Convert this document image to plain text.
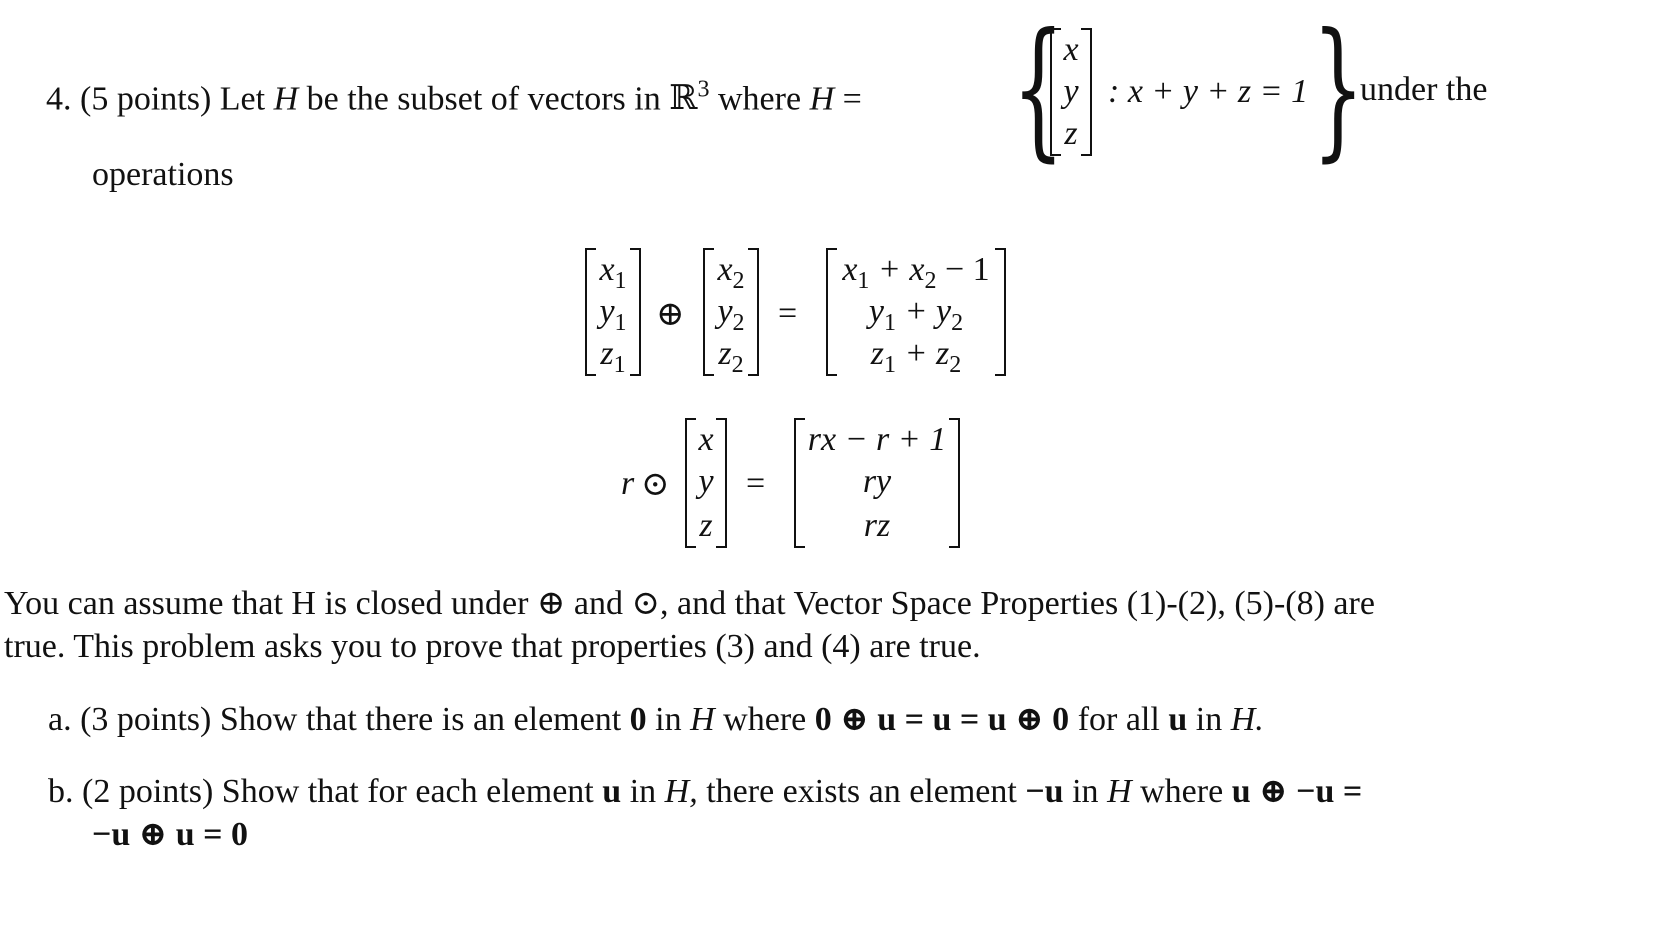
4. (5 points) Let H be the subset of vectors in ℝ$^3$ where H = {
x
y
z
: x + y + z = 1 }
under the
operations
$x_1$
$y_1$
$z_1$
⊕
$x_2$
$y_2$
$z_2$
=
$x_1 + x_2 - 1$
$y_1 + y_2$
$z_1 + z_2$
r ⊙
x
y
z
=
rx − r + 1
ry
rz
You can assume that H is closed under ⊕ and ⊙, and that Vector Space Properties (1)-(2), (5)-(8) are
true. This problem asks you to prove that properties (3) and (4) are true.
a. (3 points) Show that there is an element 0 in H where 0 ⊕ u = u = u ⊕ 0 for all u in H.
b. (2 points) Show that for each element u in H, there exists an element −u in H where u ⊕ −u =
−u ⊕ u = 0
